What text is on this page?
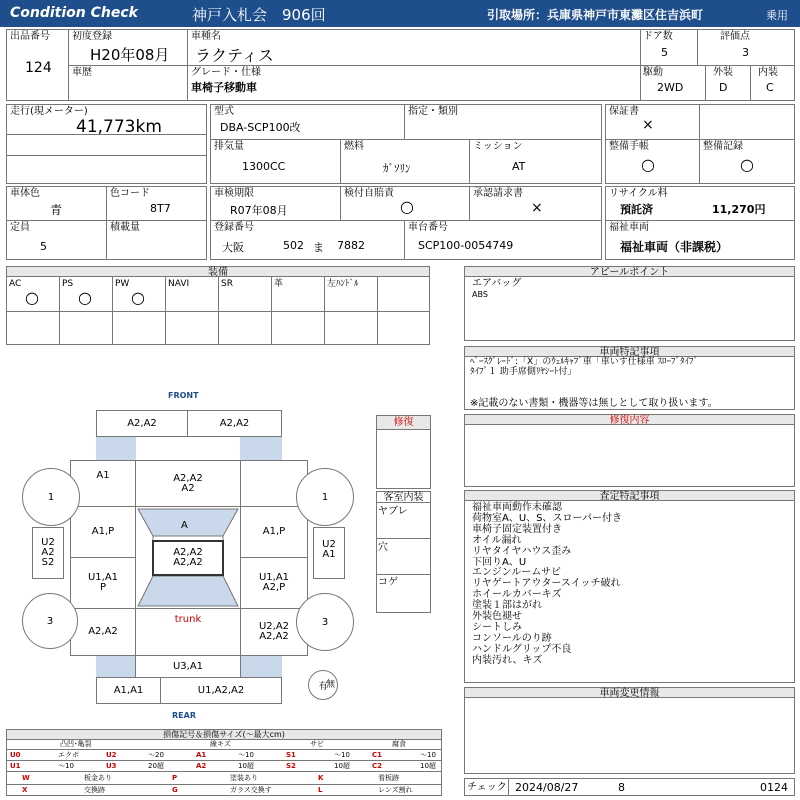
Condition Check	神戸入札会　906回	引取場所：兵庫県神戸市東灘区住吉浜町	乗用
出品番号
124
初度登録
H20年08月
車種名
ラクティス
ドア数
5
評価点
3
車歴	グレード・仕様
車椅子移動車
駆動
2WD
外装
D
内装
C
走行(現メーター)
41,773km
型式
DBA-SCP100改
指定・類別
排気量
1300CC
燃料
ｶﾞｿﾘﾝ
ミッション
AT
保証書
×
整備手帳
○
整備記録
○
車体色
青
色コード
8T7
定員
5
積載量
車検期限
R07年08月
検付自賠責
○
承認請求書
×
登録番号
大阪	502 ま 7882
車台番号
SCP100-0054749
リサイクル料
預託済	11,270円
福祉車両
福祉車両（非課税）
装備
AC	PS	PW	NAVI	SR	革	左ﾊﾝﾄﾞﾙ
○ ○ ○
アピールポイント
エアバッグ
ABS
車両特記事項
ﾍﾞｰｽｸﾞﾚｰﾄﾞ:「X」のｳｪﾙｷｬﾌﾞ車「車いす仕様車 ｽﾛｰﾌﾟﾀｲﾌﾟ
ﾀｲﾌﾟ１ 助手席側ﾘﾔｼｰﾄ付」
※記載のない書類・機器等は無しとして取り扱います。
修復	修復内容
客室内装
ヤブレ
穴
コゲ
査定特記事項
福祉車両動作未確認
荷物室A、U、S、スローパー付き
車椅子固定装置付き
オイル漏れ
リヤタイヤハウス歪み
下回りA、U
エンジンルームサビ
リヤゲートアウタースイッチ破れ
ホイールカバーキズ
塗装１部はがれ
外装色褪せ
シートしみ
コンソールのり跡
ハンドルグリップ不良
内装汚れ、キズ
車両変更情報
チェック 2024/08/27	8	0124
FRONT
REAR
A2,A2	A2,A2
A1	A2,A2
A2
A1,P	A1,P
U1,A1
P
U1,A1
A2,P
A
A2,A2
A2,A2
U2
A2
S2
U2
A1
A2,A2
trunk
U2,A2
A2,A2
U3,A1
A1,A1	U1,A2,A2
1	1
3	3
有
無
損傷記号＆損傷サイズ(〜最大cm)
凸凹･亀裂	線キズ	サビ	腐食
U0	エクボ	U2	〜20	A1	〜10	S1	〜10	C1	〜10
U1	〜10	U3	20超	A2	10超	S2	10超	C2	10超
W	板金あり	P	塗装あり	K	看板跡
X	交換跡	G	ガラス交換す	L	レンズ割れ
